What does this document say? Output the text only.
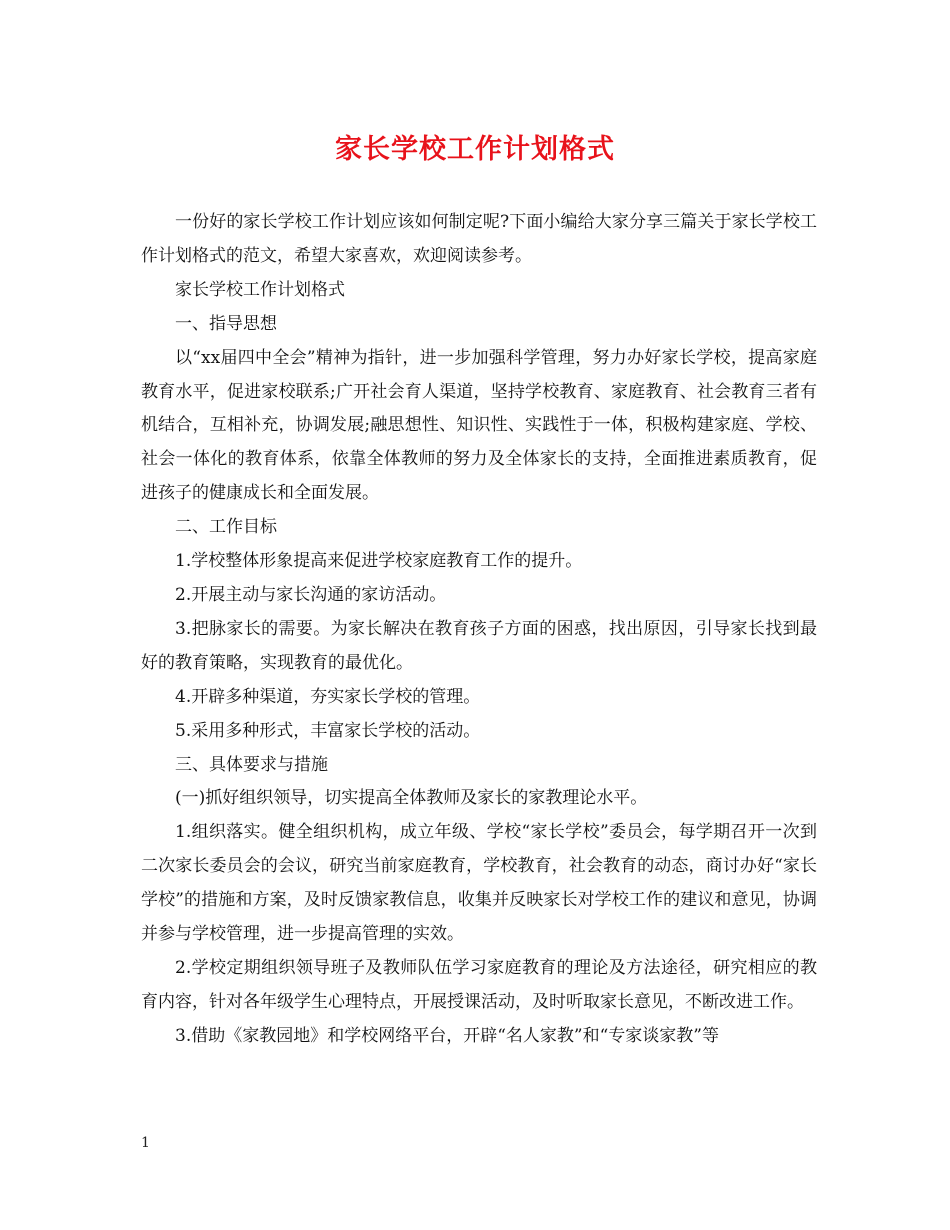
家长学校工作计划格式

一份好的家长学校工作计划应该如何制定呢?下面小编给大家分享三篇关于家长学校工作计划格式的范文，希望大家喜欢，欢迎阅读参考。

家长学校工作计划格式

一、指导思想

以“xx届四中全会”精神为指针，进一步加强科学管理，努力办好家长学校，提高家庭教育水平，促进家校联系;广开社会育人渠道，坚持学校教育、家庭教育、社会教育三者有机结合，互相补充，协调发展;融思想性、知识性、实践性于一体，积极构建家庭、学校、社会一体化的教育体系，依靠全体教师的努力及全体家长的支持，全面推进素质教育，促进孩子的健康成长和全面发展。

二、工作目标

1.学校整体形象提高来促进学校家庭教育工作的提升。

2.开展主动与家长沟通的家访活动。

3.把脉家长的需要。为家长解决在教育孩子方面的困惑，找出原因，引导家长找到最好的教育策略，实现教育的最优化。

4.开辟多种渠道，夯实家长学校的管理。

5.采用多种形式，丰富家长学校的活动。

三、具体要求与措施

(一)抓好组织领导，切实提高全体教师及家长的家教理论水平。

1.组织落实。健全组织机构，成立年级、学校“家长学校”委员会，每学期召开一次到二次家长委员会的会议，研究当前家庭教育，学校教育，社会教育的动态，商讨办好“家长学校”的措施和方案，及时反馈家教信息，收集并反映家长对学校工作的建议和意见，协调并参与学校管理，进一步提高管理的实效。

2.学校定期组织领导班子及教师队伍学习家庭教育的理论及方法途径，研究相应的教育内容，针对各年级学生心理特点，开展授课活动，及时听取家长意见，不断改进工作。

3.借助《家教园地》和学校网络平台，开辟“名人家教”和“专家谈家教”等

1
